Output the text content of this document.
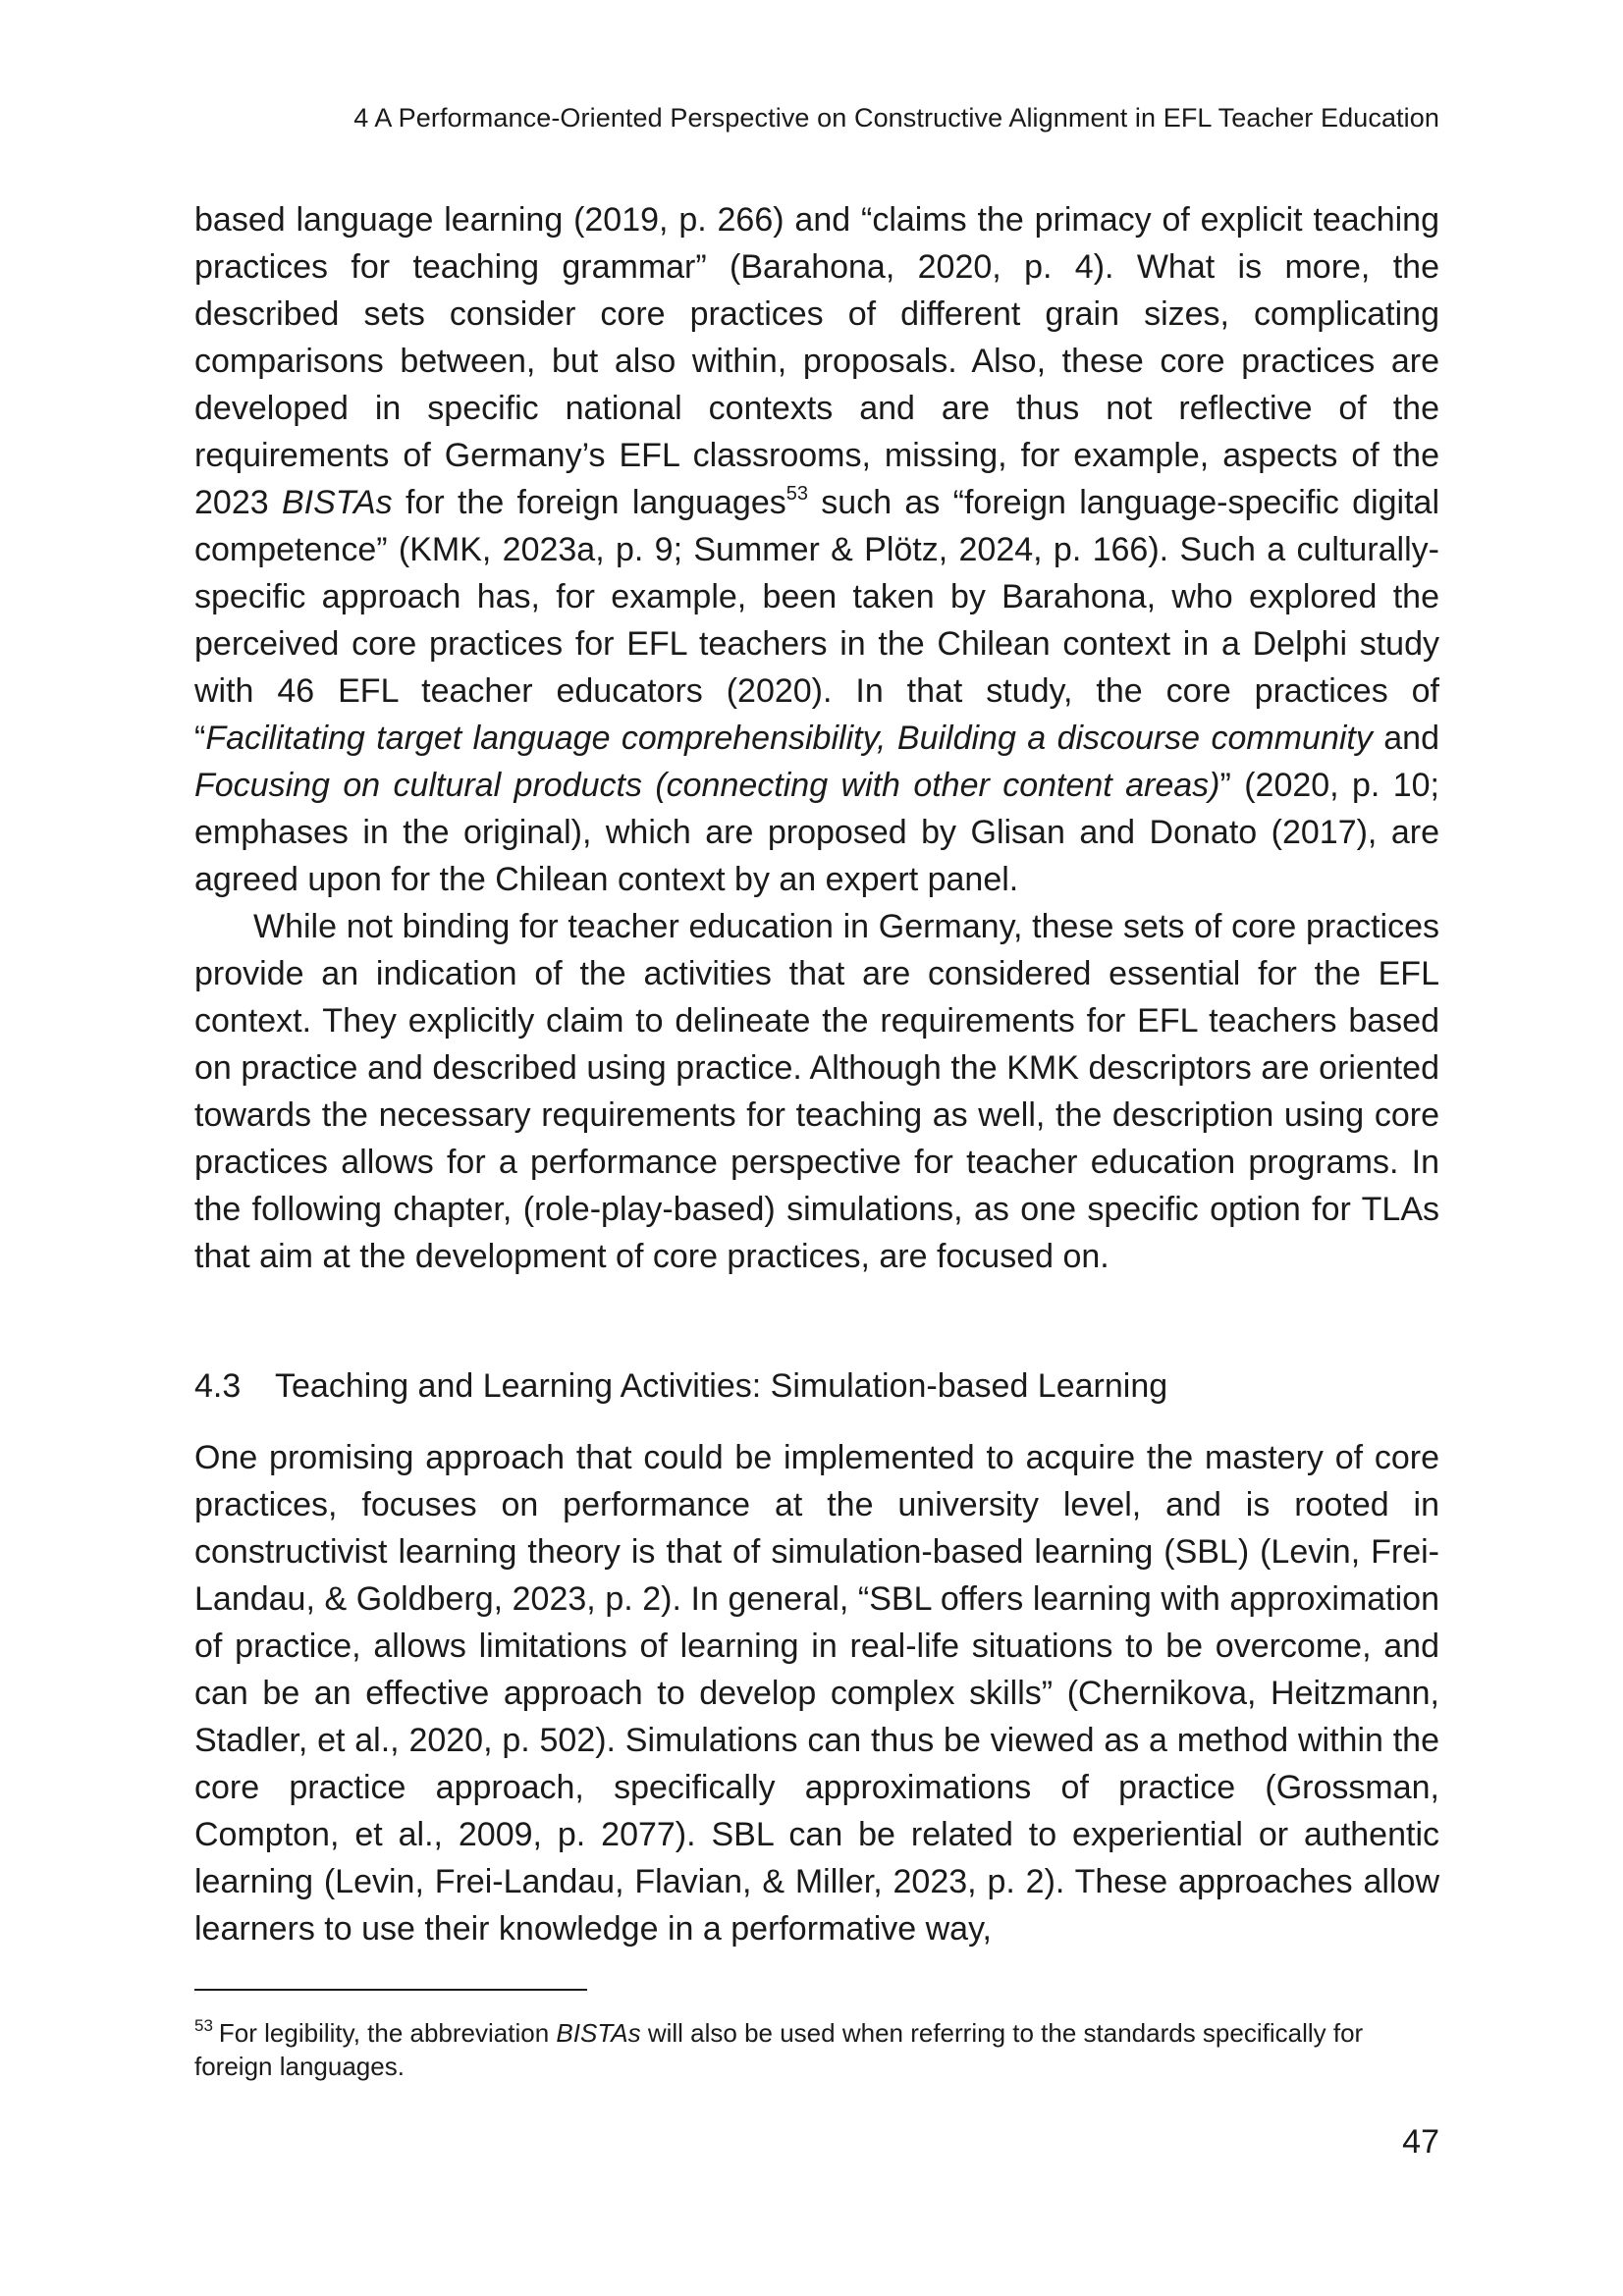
4 A Performance-Oriented Perspective on Constructive Alignment in EFL Teacher Education

based language learning (2019, p. 266) and “claims the primacy of explicit teaching practices for teaching grammar” (Barahona, 2020, p. 4). What is more, the described sets consider core practices of different grain sizes, complicating comparisons between, but also within, proposals. Also, these core practices are developed in specific national contexts and are thus not reflective of the requirements of Germany’s EFL classrooms, missing, for example, aspects of the 2023 BISTAs for the foreign languages$^{53}$ such as “foreign language-specific digital competence” (KMK, 2023a, p. 9; Summer & Plötz, 2024, p. 166). Such a culturally-specific approach has, for example, been taken by Barahona, who explored the perceived core practices for EFL teachers in the Chilean context in a Delphi study with 46 EFL teacher educators (2020). In that study, the core practices of “Facilitating target language comprehensibility, Building a discourse community and Focusing on cultural products (connecting with other content areas)” (2020, p. 10; emphases in the original), which are proposed by Glisan and Donato (2017), are agreed upon for the Chilean context by an expert panel.

While not binding for teacher education in Germany, these sets of core practices provide an indication of the activities that are considered essential for the EFL context. They explicitly claim to delineate the requirements for EFL teachers based on practice and described using practice. Although the KMK descriptors are oriented towards the necessary requirements for teaching as well, the description using core practices allows for a performance perspective for teacher education programs. In the following chapter, (role-play-based) simulations, as one specific option for TLAs that aim at the development of core practices, are focused on.

4.3	Teaching and Learning Activities: Simulation-based Learning

One promising approach that could be implemented to acquire the mastery of core practices, focuses on performance at the university level, and is rooted in constructivist learning theory is that of simulation-based learning (SBL) (Levin, Frei-Landau, & Goldberg, 2023, p. 2). In general, “SBL offers learning with approximation of practice, allows limitations of learning in real-life situations to be overcome, and can be an effective approach to develop complex skills” (Chernikova, Heitzmann, Stadler, et al., 2020, p. 502). Simulations can thus be viewed as a method within the core practice approach, specifically approximations of practice (Grossman, Compton, et al., 2009, p. 2077). SBL can be related to experiential or authentic learning (Levin, Frei-Landau, Flavian, & Miller, 2023, p. 2). These approaches allow learners to use their knowledge in a performative way,

$^{53}$ For legibility, the abbreviation BISTAs will also be used when referring to the standards specifically for foreign languages.

47
